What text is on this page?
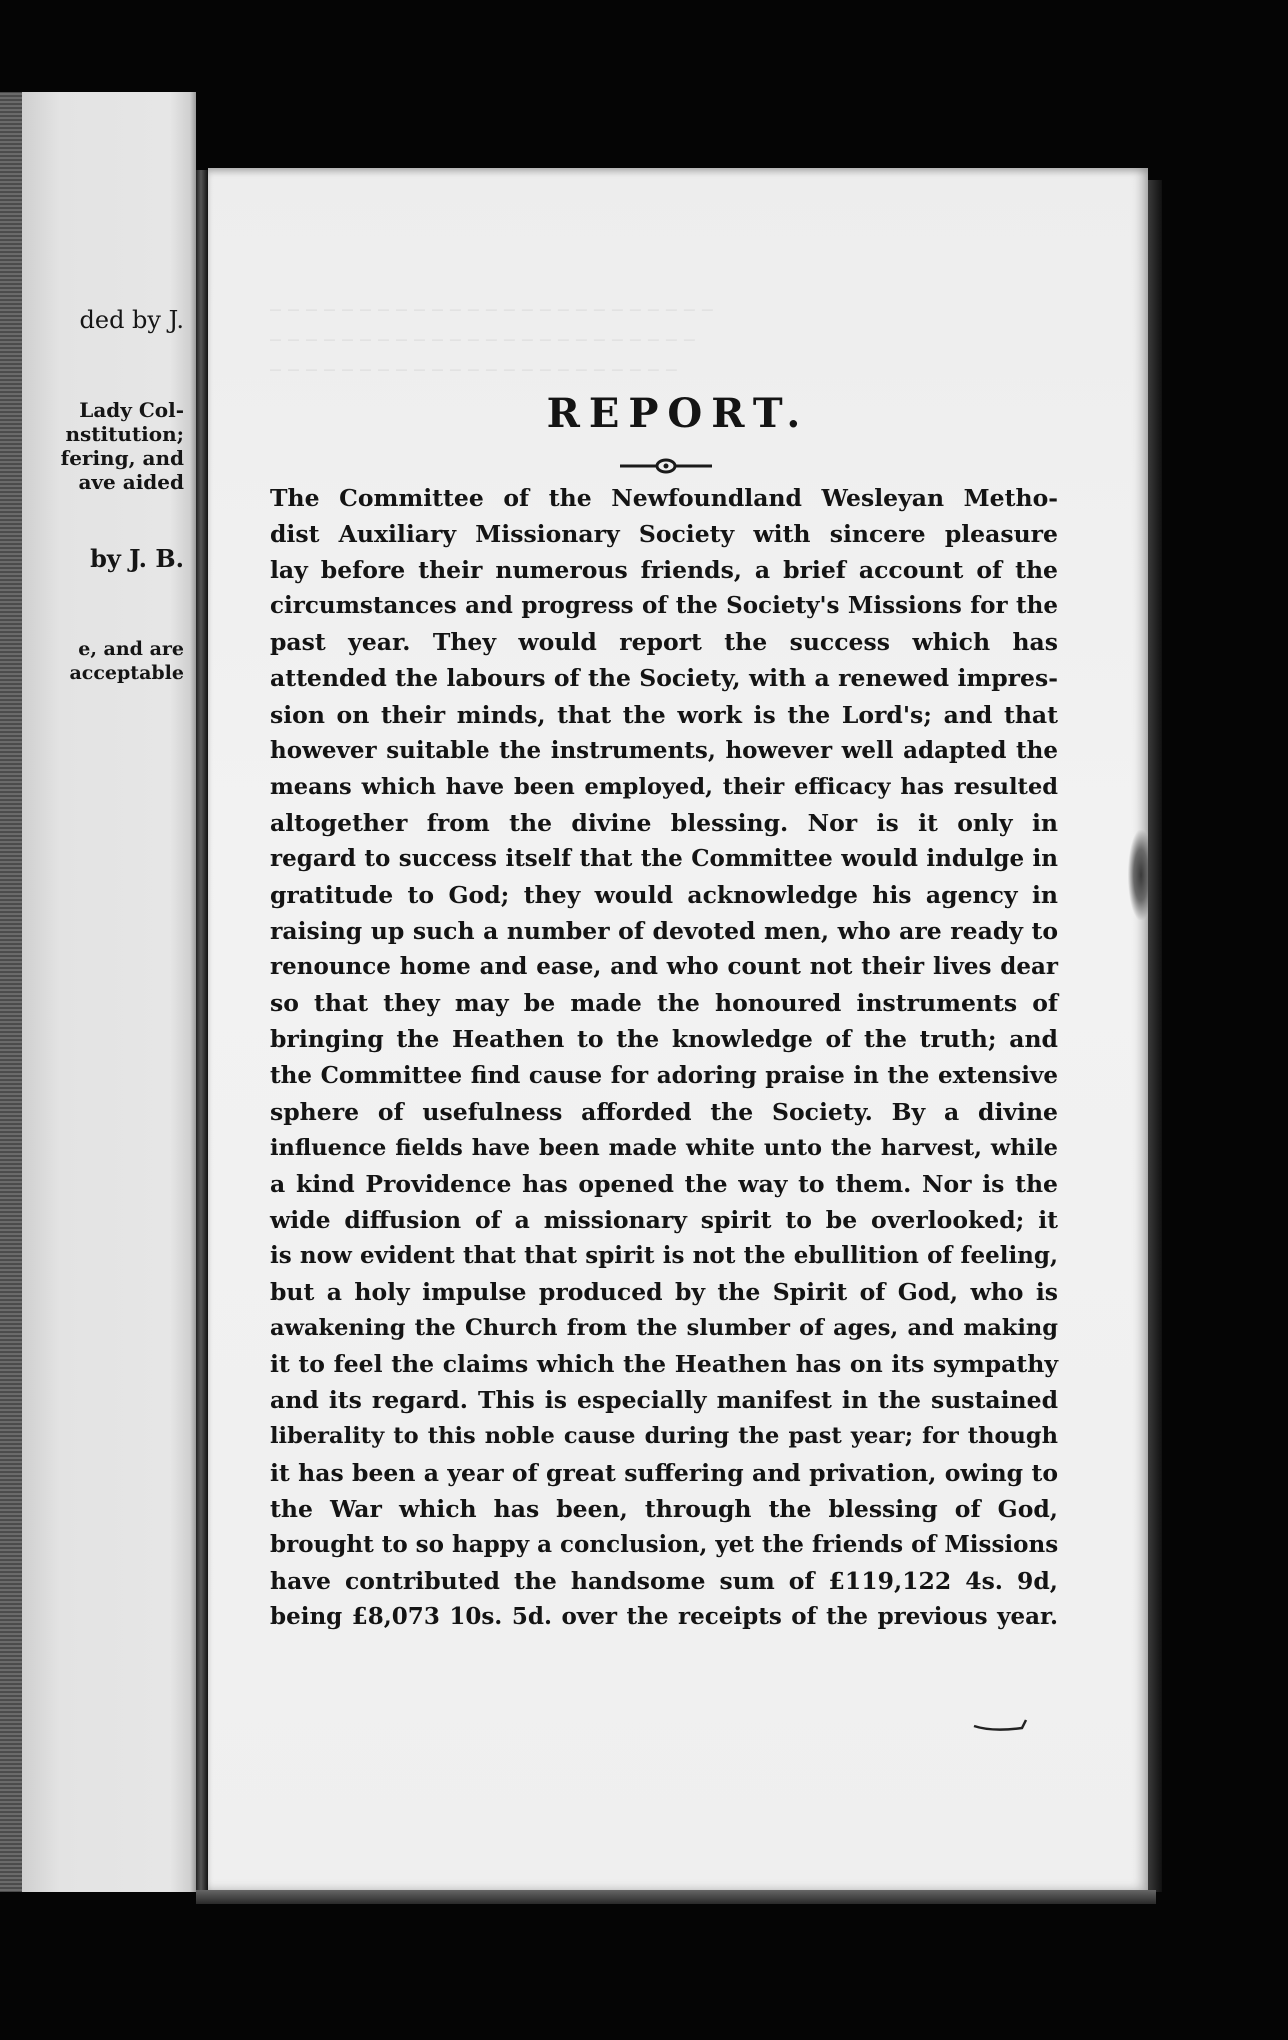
ded by J.

Lady Col-

nstitution;

fering, and

ave aided

by J. B.

e, and are

acceptable

_ _ _ _ _ _ _ _ _ _ _ _ _ _ _ _ _ _ _ _ _ _ _ _ _

_ _ _ _ _ _ _ _ _ _ _ _ _ _ _ _ _ _ _ _ _ _ _ _

_ _ _ _ _ _ _ _ _ _ _ _ _ _ _ _ _ _ _ _ _ _ _

REPORT.

The Committee of the Newfoundland Wesleyan Metho-

dist Auxiliary Missionary Society with sincere pleasure

lay before their numerous friends, a brief account of the

circumstances and progress of the Society's Missions for the

past year. They would report the success which has

attended the labours of the Society, with a renewed impres-

sion on their minds, that the work is the Lord's; and that

however suitable the instruments, however well adapted the

means which have been employed, their efficacy has resulted

altogether from the divine blessing. Nor is it only in

regard to success itself that the Committee would indulge in

gratitude to God; they would acknowledge his agency in

raising up such a number of devoted men, who are ready to

renounce home and ease, and who count not their lives dear

so that they may be made the honoured instruments of

bringing the Heathen to the knowledge of the truth; and

the Committee find cause for adoring praise in the extensive

sphere of usefulness afforded the Society. By a divine

influence fields have been made white unto the harvest, while

a kind Providence has opened the way to them. Nor is the

wide diffusion of a missionary spirit to be overlooked; it

is now evident that that spirit is not the ebullition of feeling,

but a holy impulse produced by the Spirit of God, who is

awakening the Church from the slumber of ages, and making

it to feel the claims which the Heathen has on its sympathy

and its regard. This is especially manifest in the sustained

liberality to this noble cause during the past year; for though

it has been a year of great suffering and privation, owing to

the War which has been, through the blessing of God,

brought to so happy a conclusion, yet the friends of Missions

have contributed the handsome sum of £119,122 4s. 9d,

being £8,073 10s. 5d. over the receipts of the previous year.
